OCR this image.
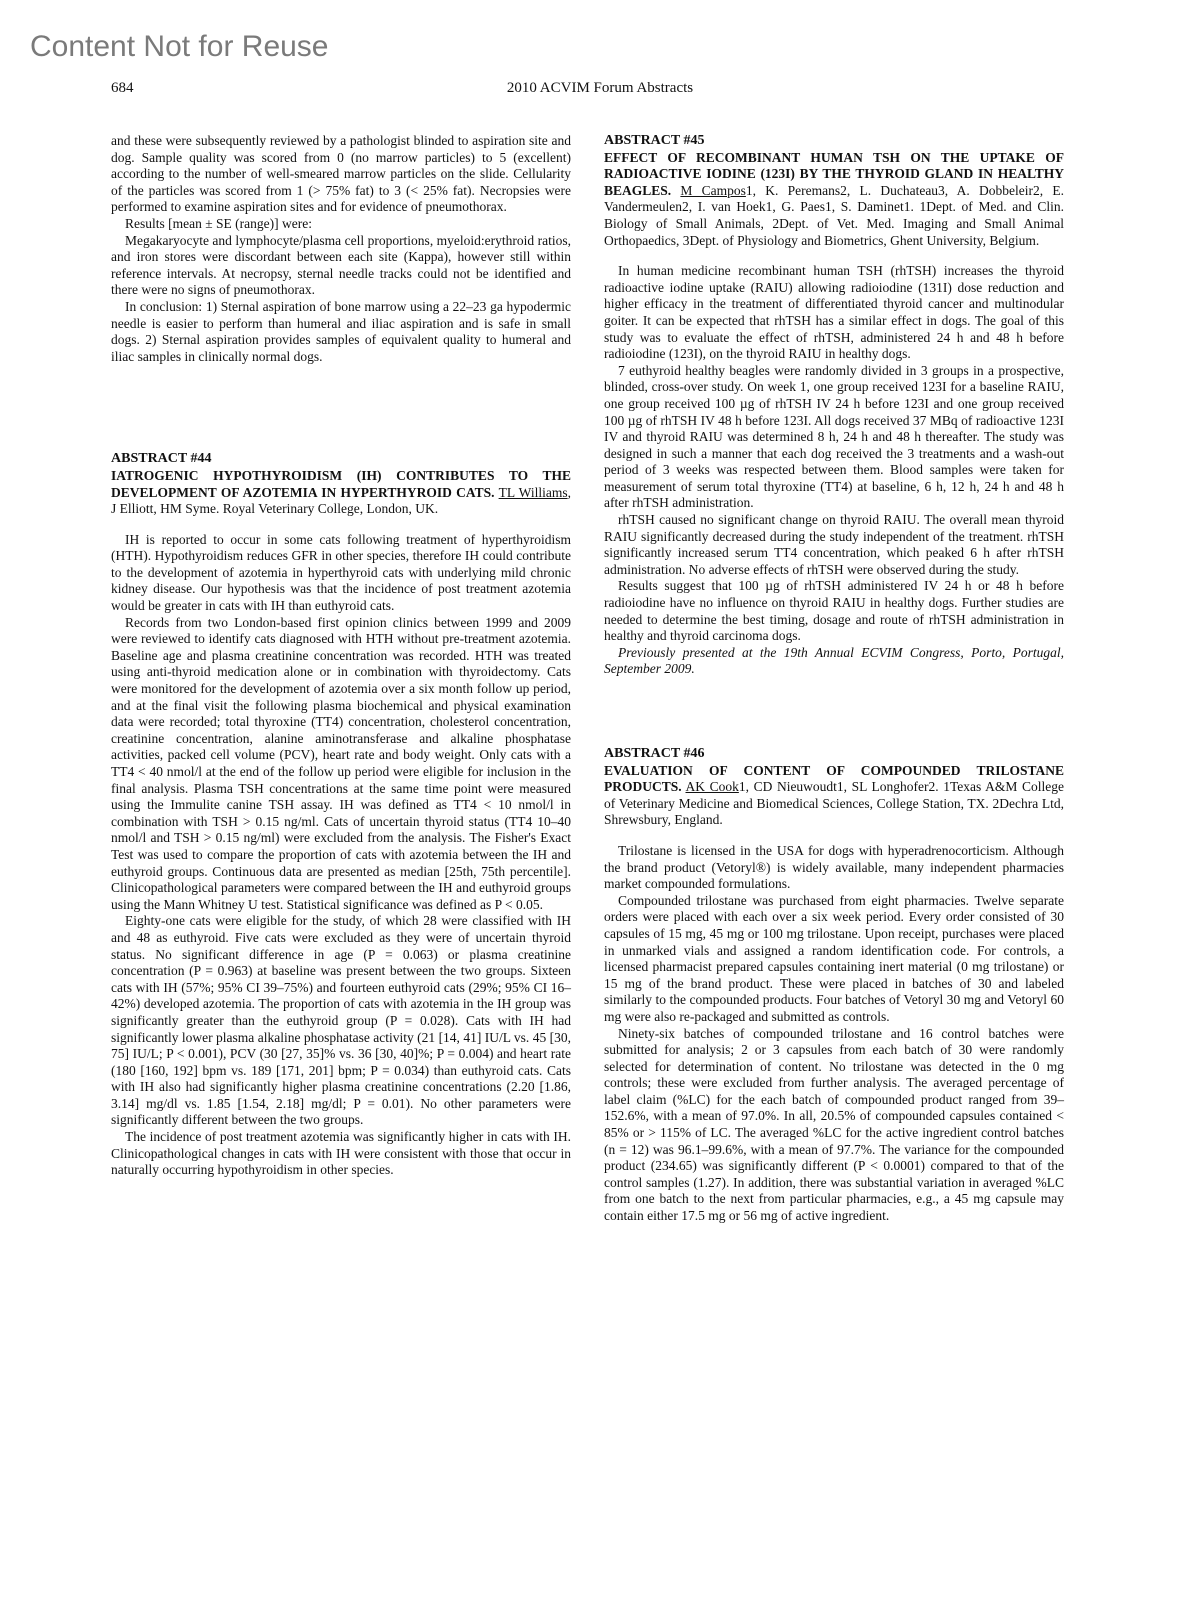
Content Not for Reuse
684	2010 ACVIM Forum Abstracts

and these were subsequently reviewed by a pathologist blinded to aspiration site and dog. Sample quality was scored from 0 (no marrow particles) to 5 (excellent) according to the number of well-smeared marrow particles on the slide. Cellularity of the particles was scored from 1 (> 75% fat) to 3 (< 25% fat). Necropsies were performed to examine aspiration sites and for evidence of pneumothorax.

Results [mean ± SE (range)] were:

Megakaryocyte and lymphocyte/plasma cell proportions, myeloid:erythroid ratios, and iron stores were discordant between each site (Kappa), however still within reference intervals. At necropsy, sternal needle tracks could not be identified and there were no signs of pneumothorax.

In conclusion: 1) Sternal aspiration of bone marrow using a 22–23 ga hypodermic needle is easier to perform than humeral and iliac aspiration and is safe in small dogs. 2) Sternal aspiration provides samples of equivalent quality to humeral and iliac samples in clinically normal dogs.

ABSTRACT #44
IATROGENIC HYPOTHYROIDISM (IH) CONTRIBUTES TO THE DEVELOPMENT OF AZOTEMIA IN HYPERTHYROID CATS. TL Williams, J Elliott, HM Syme. Royal Veterinary College, London, UK.

IH is reported to occur in some cats following treatment of hyperthyroidism (HTH). Hypothyroidism reduces GFR in other species, therefore IH could contribute to the development of azotemia in hyperthyroid cats with underlying mild chronic kidney disease. Our hypothesis was that the incidence of post treatment azotemia would be greater in cats with IH than euthyroid cats.

Records from two London-based first opinion clinics between 1999 and 2009 were reviewed to identify cats diagnosed with HTH without pre-treatment azotemia. Baseline age and plasma creatinine concentration was recorded. HTH was treated using anti-thyroid medication alone or in combination with thyroidectomy. Cats were monitored for the development of azotemia over a six month follow up period, and at the final visit the following plasma biochemical and physical examination data were recorded; total thyroxine (TT4) concentration, cholesterol concentration, creatinine concentration, alanine aminotransferase and alkaline phosphatase activities, packed cell volume (PCV), heart rate and body weight. Only cats with a TT4 < 40 nmol/l at the end of the follow up period were eligible for inclusion in the final analysis. Plasma TSH concentrations at the same time point were measured using the Immulite canine TSH assay. IH was defined as TT4 < 10 nmol/l in combination with TSH > 0.15 ng/ml. Cats of uncertain thyroid status (TT4 10–40 nmol/l and TSH > 0.15 ng/ml) were excluded from the analysis. The Fisher's Exact Test was used to compare the proportion of cats with azotemia between the IH and euthyroid groups. Continuous data are presented as median [25th, 75th percentile]. Clinicopathological parameters were compared between the IH and euthyroid groups using the Mann Whitney U test. Statistical significance was defined as P < 0.05.

Eighty-one cats were eligible for the study, of which 28 were classified with IH and 48 as euthyroid. Five cats were excluded as they were of uncertain thyroid status. No significant difference in age (P = 0.063) or plasma creatinine concentration (P = 0.963) at baseline was present between the two groups. Sixteen cats with IH (57%; 95% CI 39–75%) and fourteen euthyroid cats (29%; 95% CI 16–42%) developed azotemia. The proportion of cats with azotemia in the IH group was significantly greater than the euthyroid group (P = 0.028). Cats with IH had significantly lower plasma alkaline phosphatase activity (21 [14, 41] IU/L vs. 45 [30, 75] IU/L; P < 0.001), PCV (30 [27, 35]% vs. 36 [30, 40]%; P = 0.004) and heart rate (180 [160, 192] bpm vs. 189 [171, 201] bpm; P = 0.034) than euthyroid cats. Cats with IH also had significantly higher plasma creatinine concentrations (2.20 [1.86, 3.14] mg/dl vs. 1.85 [1.54, 2.18] mg/dl; P = 0.01). No other parameters were significantly different between the two groups.

The incidence of post treatment azotemia was significantly higher in cats with IH. Clinicopathological changes in cats with IH were consistent with those that occur in naturally occurring hypothyroidism in other species.

ABSTRACT #45
EFFECT OF RECOMBINANT HUMAN TSH ON THE UPTAKE OF RADIOACTIVE IODINE (123I) BY THE THYROID GLAND IN HEALTHY BEAGLES. M Campos1, K. Peremans2, L. Duchateau3, A. Dobbeleir2, E. Vandermeulen2, I. van Hoek1, G. Paes1, S. Daminet1. 1Dept. of Med. and Clin. Biology of Small Animals, 2Dept. of Vet. Med. Imaging and Small Animal Orthopaedics, 3Dept. of Physiology and Biometrics, Ghent University, Belgium.

In human medicine recombinant human TSH (rhTSH) increases the thyroid radioactive iodine uptake (RAIU) allowing radioiodine (131I) dose reduction and higher efficacy in the treatment of differentiated thyroid cancer and multinodular goiter. It can be expected that rhTSH has a similar effect in dogs. The goal of this study was to evaluate the effect of rhTSH, administered 24 h and 48 h before radioiodine (123I), on the thyroid RAIU in healthy dogs.

7 euthyroid healthy beagles were randomly divided in 3 groups in a prospective, blinded, cross-over study. On week 1, one group received 123I for a baseline RAIU, one group received 100 µg of rhTSH IV 24 h before 123I and one group received 100 µg of rhTSH IV 48 h before 123I. All dogs received 37 MBq of radioactive 123I IV and thyroid RAIU was determined 8 h, 24 h and 48 h thereafter. The study was designed in such a manner that each dog received the 3 treatments and a wash-out period of 3 weeks was respected between them. Blood samples were taken for measurement of serum total thyroxine (TT4) at baseline, 6 h, 12 h, 24 h and 48 h after rhTSH administration.

rhTSH caused no significant change on thyroid RAIU. The overall mean thyroid RAIU significantly decreased during the study independent of the treatment. rhTSH significantly increased serum TT4 concentration, which peaked 6 h after rhTSH administration. No adverse effects of rhTSH were observed during the study.

Results suggest that 100 µg of rhTSH administered IV 24 h or 48 h before radioiodine have no influence on thyroid RAIU in healthy dogs. Further studies are needed to determine the best timing, dosage and route of rhTSH administration in healthy and thyroid carcinoma dogs.

Previously presented at the 19th Annual ECVIM Congress, Porto, Portugal, September 2009.

ABSTRACT #46
EVALUATION OF CONTENT OF COMPOUNDED TRILOSTANE PRODUCTS. AK Cook1, CD Nieuwoudt1, SL Longhofer2. 1Texas A&M College of Veterinary Medicine and Biomedical Sciences, College Station, TX. 2Dechra Ltd, Shrewsbury, England.

Trilostane is licensed in the USA for dogs with hyperadrenocorticism. Although the brand product (Vetoryl®) is widely available, many independent pharmacies market compounded formulations.

Compounded trilostane was purchased from eight pharmacies. Twelve separate orders were placed with each over a six week period. Every order consisted of 30 capsules of 15 mg, 45 mg or 100 mg trilostane. Upon receipt, purchases were placed in unmarked vials and assigned a random identification code. For controls, a licensed pharmacist prepared capsules containing inert material (0 mg trilostane) or 15 mg of the brand product. These were placed in batches of 30 and labeled similarly to the compounded products. Four batches of Vetoryl 30 mg and Vetoryl 60 mg were also re-packaged and submitted as controls.

Ninety-six batches of compounded trilostane and 16 control batches were submitted for analysis; 2 or 3 capsules from each batch of 30 were randomly selected for determination of content. No trilostane was detected in the 0 mg controls; these were excluded from further analysis. The averaged percentage of label claim (%LC) for the each batch of compounded product ranged from 39–152.6%, with a mean of 97.0%. In all, 20.5% of compounded capsules contained < 85% or > 115% of LC. The averaged %LC for the active ingredient control batches (n = 12) was 96.1–99.6%, with a mean of 97.7%. The variance for the compounded product (234.65) was significantly different (P < 0.0001) compared to that of the control samples (1.27). In addition, there was substantial variation in averaged %LC from one batch to the next from particular pharmacies, e.g., a 45 mg capsule may contain either 17.5 mg or 56 mg of active ingredient.
